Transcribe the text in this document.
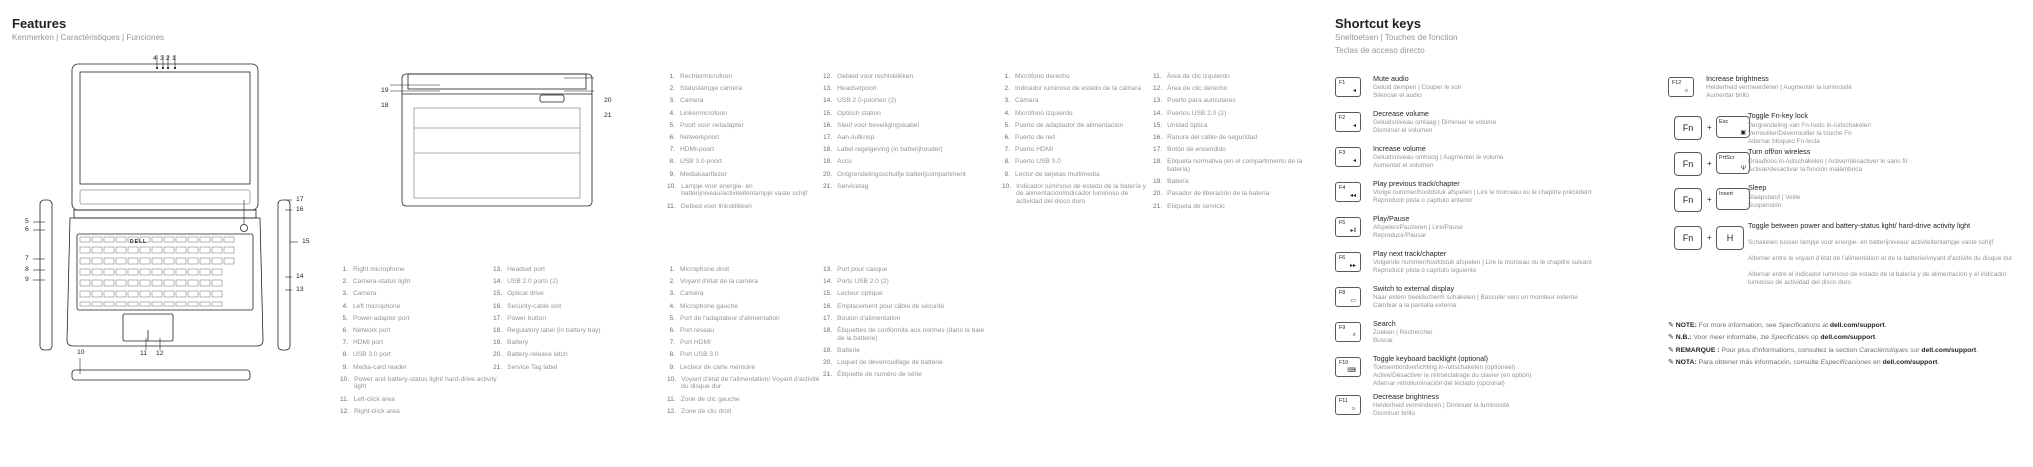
Features
Kenmerken | Caractéristiques | Funciones
DELL
4 3 2 1
5
6
7
8
9
17
16
15
14
13
11 12
10
19
18
20
21
1. Right microphone
2. Camera-status light
3. Camera
4. Left microphone
5. Power-adapter port
6. Network port
7. HDMI port
8. USB 3.0 port
9. Media-card reader
10. Power and battery-status light/ hard-drive activity light
11. Left-click area
12. Right-click area
13. Headset port
14. USB 2.0 ports (2)
15. Optical drive
16. Security-cable slot
17. Power button
18. Regulatory label (in battery bay)
19. Battery
20. Battery-release latch
21. Service Tag label
1. Rechtermicrofoon
2. Statuslampje camera
3. Camera
4. Linkermicrofoon
5. Poort voor netadapter
6. Netwerkpoort
7. HDMI-poort
8. USB 3.0-poort
9. Mediakaartlezer
10. Lampje voor energie- en batterijniveau/activiteitenlampje vaste schijf
11. Gebied voor linksklikken
12. Gebied voor rechtsklikken
13. Headsetpoort
14. USB 2.0-poorten (2)
15. Optisch station
16. Sleuf voor beveiligingskabel
17. Aan-/uitknop
18. Label regelgeving (in batterijhouder)
19. Accu
20. Ontgrendelingsschuifje batterijcompartiment
21. Servicetag
1. Microphone droit
2. Voyant d'état de la caméra
3. Caméra
4. Microphone gauche
5. Port de l'adaptateur d'alimentation
6. Port réseau
7. Port HDMI
8. Port USB 3.0
9. Lecteur de carte mémoire
10. Voyant d'état de l'alimentation/ Voyant d'activité du disque dur
11. Zone de clic gauche
12. Zone de clic droit
13. Port pour casque
14. Ports USB 2.0 (2)
15. Lecteur optique
16. Emplacement pour câble de sécurité
17. Bouton d'alimentation
18. Étiquettes de conformité aux normes (dans la baie de la batterie)
19. Batterie
20. Loquet de déverrouillage de batterie
21. Étiquette de numéro de série
1. Micrófono derecho
2. Indicador luminoso de estado de la cámara
3. Cámara
4. Micrófono izquierdo
5. Puerto de adaptador de alimentación
6. Puerto de red
7. Puerto HDMI
8. Puerto USB 3.0
9. Lector de tarjetas multimedia
10. Indicador luminoso de estado de la batería y de alimentación/indicador luminoso de actividad del disco duro
11. Área de clic izquierdo
12. Área de clic derecho
13. Puerto para auriculares
14. Puertos USB 2.0 (2)
15. Unidad óptica
16. Ranura del cable de seguridad
17. Botón de encendido
18. Etiqueta normativa (en el compartimento de la batería)
19. Batería
20. Pasador de liberación de la batería
21. Etiqueta de servicio
Shortcut keys
Sneltoetsen | Touches de fonction
Teclas de acceso directo
F1
◂
Mute audio
Geluid dempen | Couper le son
Silenciar el audio
F2
◂
Decrease volume
Geluidsniveau omlaag | Diminuer le volume
Disminuir el volumen
F3
◂
Increase volume
Geluidsniveau omhoog | Augmenter le volume
Aumentar el volumen
F4
◂◂
Play previous track/chapter
Vorige nummer/hoofdstuk afspelen | Lire le morceau ou le chapitre précédent
Reproducir pista o capítulo anterior
F5
▸‖
Play/Pause
Afspelen/Pauzeren | Lire/Pause
Reproducir/Pausar
F6
▸▸
Play next track/chapter
Volgende nummer/hoofdstuk afspelen | Lire le morceau ou le chapitre suivant
Reproducir pista o capítulo siguiente
F8
▭
Switch to external display
Naar extern beeldscherm schakelen | Basculer vers un moniteur externe
Cambiar a la pantalla externa
F9
⌕
Search
Zoeken | Rechercher
Buscar
F10
⌨
Toggle keyboard backlight (optional)
Toetsenbordverlichting in-/uitschakelen (optioneel)
Active/Désactiver le rétroéclairage du clavier (en option)
Alternar retroiluminación del teclado (opcional)
F11
☼
Decrease brightness
Helderheid verminderen | Diminuer la luminosité
Disminuir brillo
F12
☼
Increase brightness
Helderheid vermeerderen | Augmenter la luminosité
Aumentar brillo
Fn	+
Esc
▣
Toggle Fn-key lock
Vergrendeling van Fn-toets in-/uitschakelen
Verrouiller/Déverrouiller la touche Fn
Alternar bloqueo Fn-tecla
Fn	+
PrtScr
Ψ
Turn off/on wireless
Draadloos in-/uitschakelen | Activer/désactiver le sans fil
Activar/desactivar la función inalámbrica
Fn	+
Insert
Sleep
Slaapstand | Veille
Suspensión
Fn	+	H
Toggle between power and battery-status light/ hard-drive activity light
Schakelen tussen lampje voor energie- en batterijniveau/ activiteitenlampje vaste schijf
Alterner entre le voyant d'état de l'alimentation et de la batterie/voyant d'activité du disque dur
Alternar entre el indicador luminoso de estado de la batería y de alimentación y el indicador luminoso de actividad del disco duro
✎ NOTE: For more information, see Specifications at dell.com/support.
✎ N.B.: Voor meer informatie, zie Specificaties op dell.com/support.
✎ REMARQUE : Pour plus d'informations, consultez la section Caractéristiques sur dell.com/support.
✎ NOTA: Para obtener más información, consulte Especificaciones en dell.com/support.
